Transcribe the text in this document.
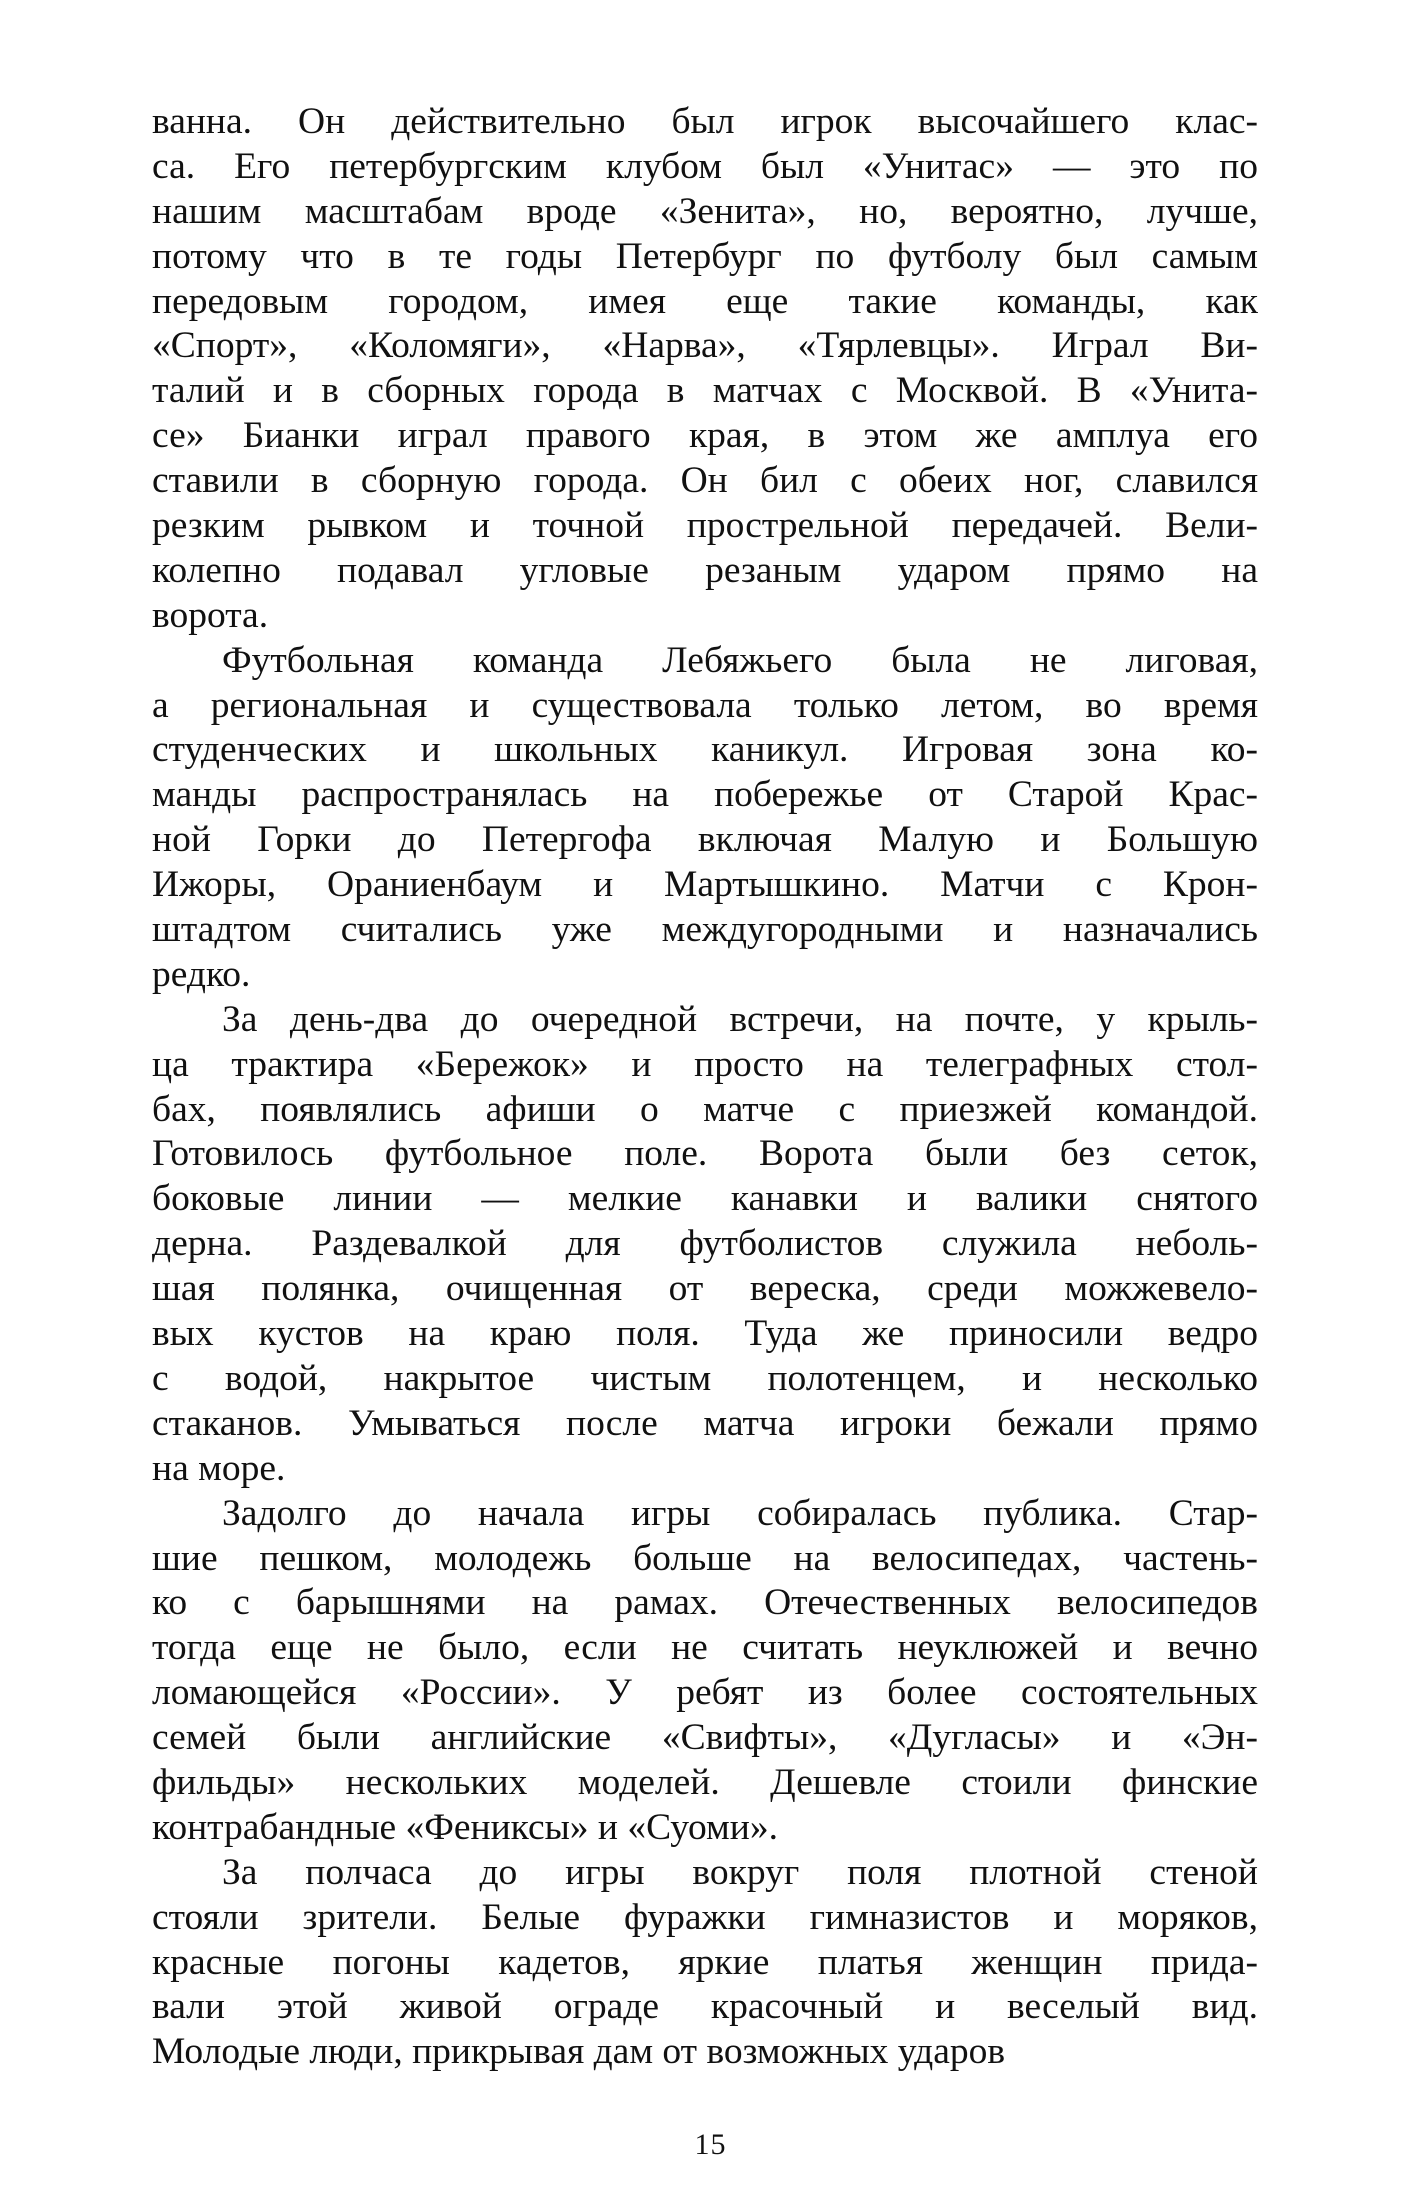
ванна. Он действительно был игрок высочайшего клас-
са. Его петербургским клубом был «Унитас» — это по
нашим масштабам вроде «Зенита», но, вероятно, лучше,
потому что в те годы Петербург по футболу был самым
передовым городом, имея еще такие команды, как
«Спорт», «Коломяги», «Нарва», «Тярлевцы». Играл Ви-
талий и в сборных города в матчах с Москвой. В «Унита-
се» Бианки играл правого края, в этом же амплуа его
ставили в сборную города. Он бил с обеих ног, славился
резким рывком и точной прострельной передачей. Вели-
колепно подавал угловые резаным ударом прямо на
ворота.
Футбольная команда Лебяжьего была не лиговая,
а региональная и существовала только летом, во время
студенческих и школьных каникул. Игровая зона ко-
манды распространялась на побережье от Старой Крас-
ной Горки до Петергофа включая Малую и Большую
Ижоры, Ораниенбаум и Мартышкино. Матчи с Крон-
штадтом считались уже междугородными и назначались
редко.
За день-два до очередной встречи, на почте, у крыль-
ца трактира «Бережок» и просто на телеграфных стол-
бах, появлялись афиши о матче с приезжей командой.
Готовилось футбольное поле. Ворота были без сеток,
боковые линии — мелкие канавки и валики снятого
дерна. Раздевалкой для футболистов служила неболь-
шая полянка, очищенная от вереска, среди можжевело-
вых кустов на краю поля. Туда же приносили ведро
с водой, накрытое чистым полотенцем, и несколько
стаканов. Умываться после матча игроки бежали прямо
на море.
Задолго до начала игры собиралась публика. Стар-
шие пешком, молодежь больше на велосипедах, частень-
ко с барышнями на рамах. Отечественных велосипедов
тогда еще не было, если не считать неуклюжей и вечно
ломающейся «России». У ребят из более состоятельных
семей были английские «Свифты», «Дугласы» и «Эн-
фильды» нескольких моделей. Дешевле стоили финские
контрабандные «Фениксы» и «Суоми».
За полчаса до игры вокруг поля плотной стеной
стояли зрители. Белые фуражки гимназистов и моряков,
красные погоны кадетов, яркие платья женщин прида-
вали этой живой ограде красочный и веселый вид.
Молодые люди, прикрывая дам от возможных ударов
15
